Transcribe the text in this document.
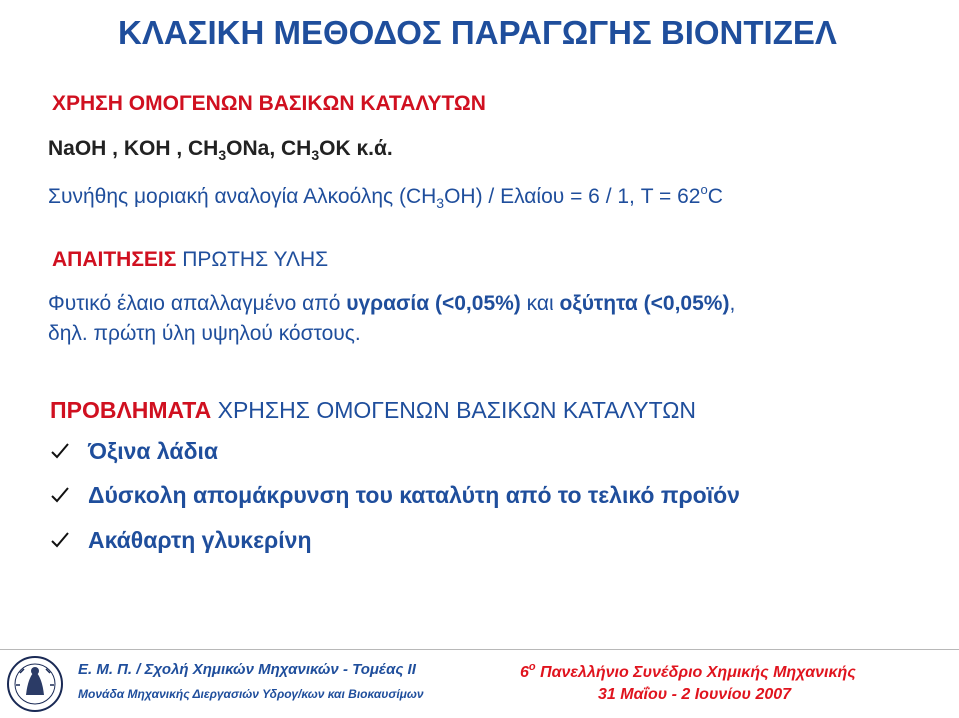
ΚΛΑΣΙΚΗ ΜΕΘΟΔΟΣ ΠΑΡΑΓΩΓΗΣ ΒΙΟΝΤΙΖΕΛ
ΧΡΗΣΗ ΟΜΟΓΕΝΩΝ ΒΑΣΙΚΩΝ ΚΑΤΑΛΥΤΩΝ
NaOH , KOH , $CH_3ONa$, $CH_3OK$ κ.ά.
Συνήθης μοριακή αναλογία Αλκοόλης $(CH_3OH) / E\lambda\alpha ίo\upsilon = 6 / 1$, $T = 62^oC$
ΑΠΑΙΤΗΣΕΙΣ ΠΡΩΤΗΣ ΥΛΗΣ
Φυτικό έλαιο απαλλαγμένο από υγρασία (<0,05%) και οξύτητα (<0,05%),
δηλ. πρώτη ύλη υψηλού κόστους.
ΠΡΟΒΛΗΜΑΤΑ ΧΡΗΣΗΣ ΟΜΟΓΕΝΩΝ ΒΑΣΙΚΩΝ ΚΑΤΑΛΥΤΩΝ
Όξινα λάδια
Δύσκολη απομάκρυνση του καταλύτη από το τελικό προϊόν
Ακάθαρτη γλυκερίνη
Ε. Μ. Π. / Σχολή Χημικών Μηχανικών - Τομέας ΙΙ
Μονάδα Μηχανικής Διεργασιών Υδρογ/κων και Βιοκαυσίμων
$6^o$ Πανελλήνιο Συνέδριο Χημικής Μηχανικής
31 Μαΐου - 2 Ιουνίου 2007
